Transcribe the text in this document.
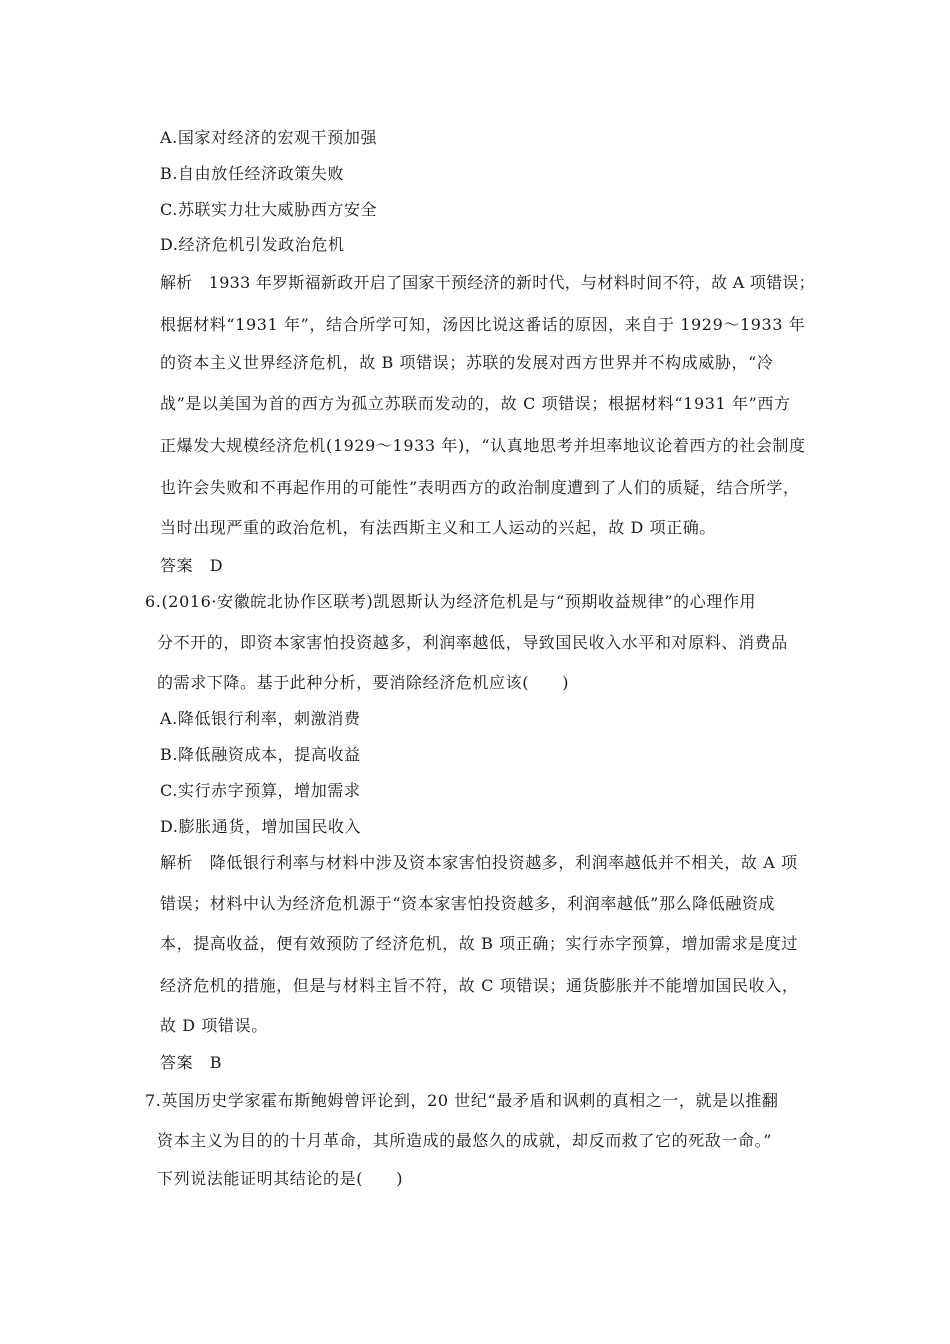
A.国家对经济的宏观干预加强
B.自由放任经济政策失败
C.苏联实力壮大威胁西方安全
D.经济危机引发政治危机
解析　1933 年罗斯福新政开启了国家干预经济的新时代，与材料时间不符，故 A 项错误；
根据材料“1931 年”，结合所学可知，汤因比说这番话的原因，来自于 1929～1933 年
的资本主义世界经济危机，故 B 项错误；苏联的发展对西方世界并不构成威胁，“冷
战”是以美国为首的西方为孤立苏联而发动的，故 C 项错误；根据材料“1931 年”西方
正爆发大规模经济危机(1929～1933 年)，“认真地思考并坦率地议论着西方的社会制度
也许会失败和不再起作用的可能性”表明西方的政治制度遭到了人们的质疑，结合所学，
当时出现严重的政治危机，有法西斯主义和工人运动的兴起，故 D 项正确。
答案　D
6.(2016·安徽皖北协作区联考)凯恩斯认为经济危机是与“预期收益规律”的心理作用
分不开的，即资本家害怕投资越多，利润率越低，导致国民收入水平和对原料、消费品
的需求下降。基于此种分析，要消除经济危机应该(　　)
A.降低银行利率，刺激消费
B.降低融资成本，提高收益
C.实行赤字预算，增加需求
D.膨胀通货，增加国民收入
解析　降低银行利率与材料中涉及资本家害怕投资越多，利润率越低并不相关，故 A 项
错误；材料中认为经济危机源于“资本家害怕投资越多，利润率越低”那么降低融资成
本，提高收益，便有效预防了经济危机，故 B 项正确；实行赤字预算，增加需求是度过
经济危机的措施，但是与材料主旨不符，故 C 项错误；通货膨胀并不能增加国民收入，
故 D 项错误。
答案　B
7.英国历史学家霍布斯鲍姆曾评论到，20 世纪“最矛盾和讽刺的真相之一，就是以推翻
资本主义为目的的十月革命，其所造成的最悠久的成就，却反而救了它的死敌一命。”
下列说法能证明其结论的是(　　)
